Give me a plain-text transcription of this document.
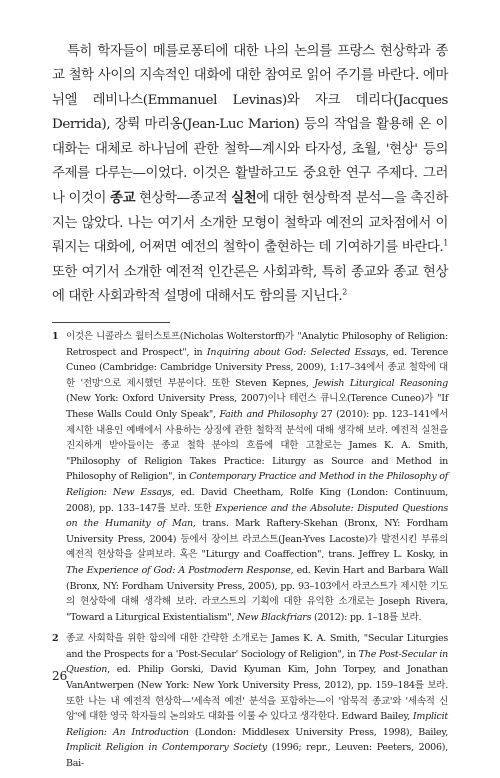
특히 학자들이 메를로퐁티에 대한 나의 논의를 프랑스 현상학과 종교 철학 사이의 지속적인 대화에 대한 참여로 읽어 주기를 바란다. 에마뉘엘 레비나스(Emmanuel Levinas)와 자크 데리다(Jacques Derrida), 장뤽 마리옹(Jean-Luc Marion) 등의 작업을 활용해 온 이 대화는 대체로 하나님에 관한 철학—계시와 타자성, 초월, '현상' 등의 주제를 다루는—이었다. 이것은 활발하고도 중요한 연구 주제다. 그러나 이것이 종교 현상학—종교적 실천에 대한 현상학적 분석—을 촉진하지는 않았다. 나는 여기서 소개한 모형이 철학과 예전의 교차점에서 이뤄지는 대화에, 어쩌면 예전의 철학이 출현하는 데 기여하기를 바란다.$^1$ 또한 여기서 소개한 예전적 인간론은 사회과학, 특히 종교와 종교 현상에 대한 사회과학적 설명에 대해서도 함의를 지닌다.$^2$

1 이것은 니콜라스 월터스토프(Nicholas Wolterstorff)가 "Analytic Philosophy of Religion: Retrospect and Prospect", in Inquiring about God: Selected Essays, ed. Terence Cuneo (Cambridge: Cambridge University Press, 2009), 1:17–34에서 종교 철학에 대한 '전망'으로 제시했던 부분이다. 또한 Steven Kepnes, Jewish Liturgical Reasoning (New York: Oxford University Press, 2007)이나 테런스 큐니오(Terence Cuneo)가 "If These Walls Could Only Speak", Faith and Philosophy 27 (2010): pp. 123–141에서 제시한 내용인 예배에서 사용하는 상징에 관한 철학적 분석에 대해 생각해 보라. 예전적 실천을 진지하게 받아들이는 종교 철학 분야의 흐름에 대한 고찰로는 James K. A. Smith, "Philosophy of Religion Takes Practice: Liturgy as Source and Method in Philosophy of Religion", in Contemporary Practice and Method in the Philosophy of Religion: New Essays, ed. David Cheetham, Rolfe King (London: Continuum, 2008), pp. 133–147를 보라. 또한 Experience and the Absolute: Disputed Questions on the Humanity of Man, trans. Mark Raftery-Skehan (Bronx, NY: Fordham University Press, 2004) 등에서 장이브 라코스트(Jean-Yves Lacoste)가 발전시킨 부류의 예전적 현상학을 살펴보라. 혹은 "Liturgy and Coaffection", trans. Jeffrey L. Kosky, in The Experience of God: A Postmodern Response, ed. Kevin Hart and Barbara Wall (Bronx, NY: Fordham University Press, 2005), pp. 93–103에서 라코스트가 제시한 기도의 현상학에 대해 생각해 보라. 라코스트의 기획에 대한 유익한 소개로는 Joseph Rivera, "Toward a Liturgical Existentialism", New Blackfriars (2012): pp. 1–18를 보라.
2 종교 사회학을 위한 함의에 대한 간략한 소개로는 James K. A. Smith, "Secular Liturgies and the Prospects for a 'Post-Secular' Sociology of Religion", in The Post-Secular in Question, ed. Philip Gorski, David Kyuman Kim, John Torpey, and Jonathan VanAntwerpen (New York: New York University Press, 2012), pp. 159–184를 보라. 또한 나는 내 예전적 현상학—'세속적 예전' 분석을 포함하는—이 '암묵적 종교'와 '세속적 신앙'에 대한 영국 학자들의 논의와도 대화를 이룰 수 있다고 생각한다. Edward Bailey, Implicit Religion: An Introduction (London: Middlesex University Press, 1998), Bailey, Implicit Religion in Contemporary Society (1996; repr., Leuven: Peeters, 2006), Bai-
26
